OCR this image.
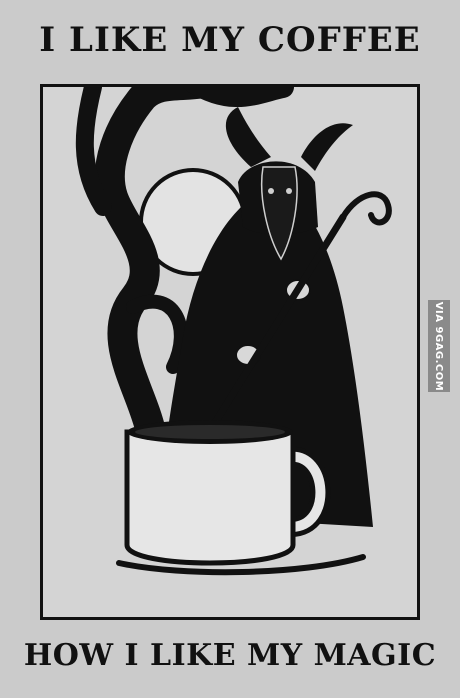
I LIKE MY COFFEE
HOW I LIKE MY MAGIC
VIA 9GAG.COM
